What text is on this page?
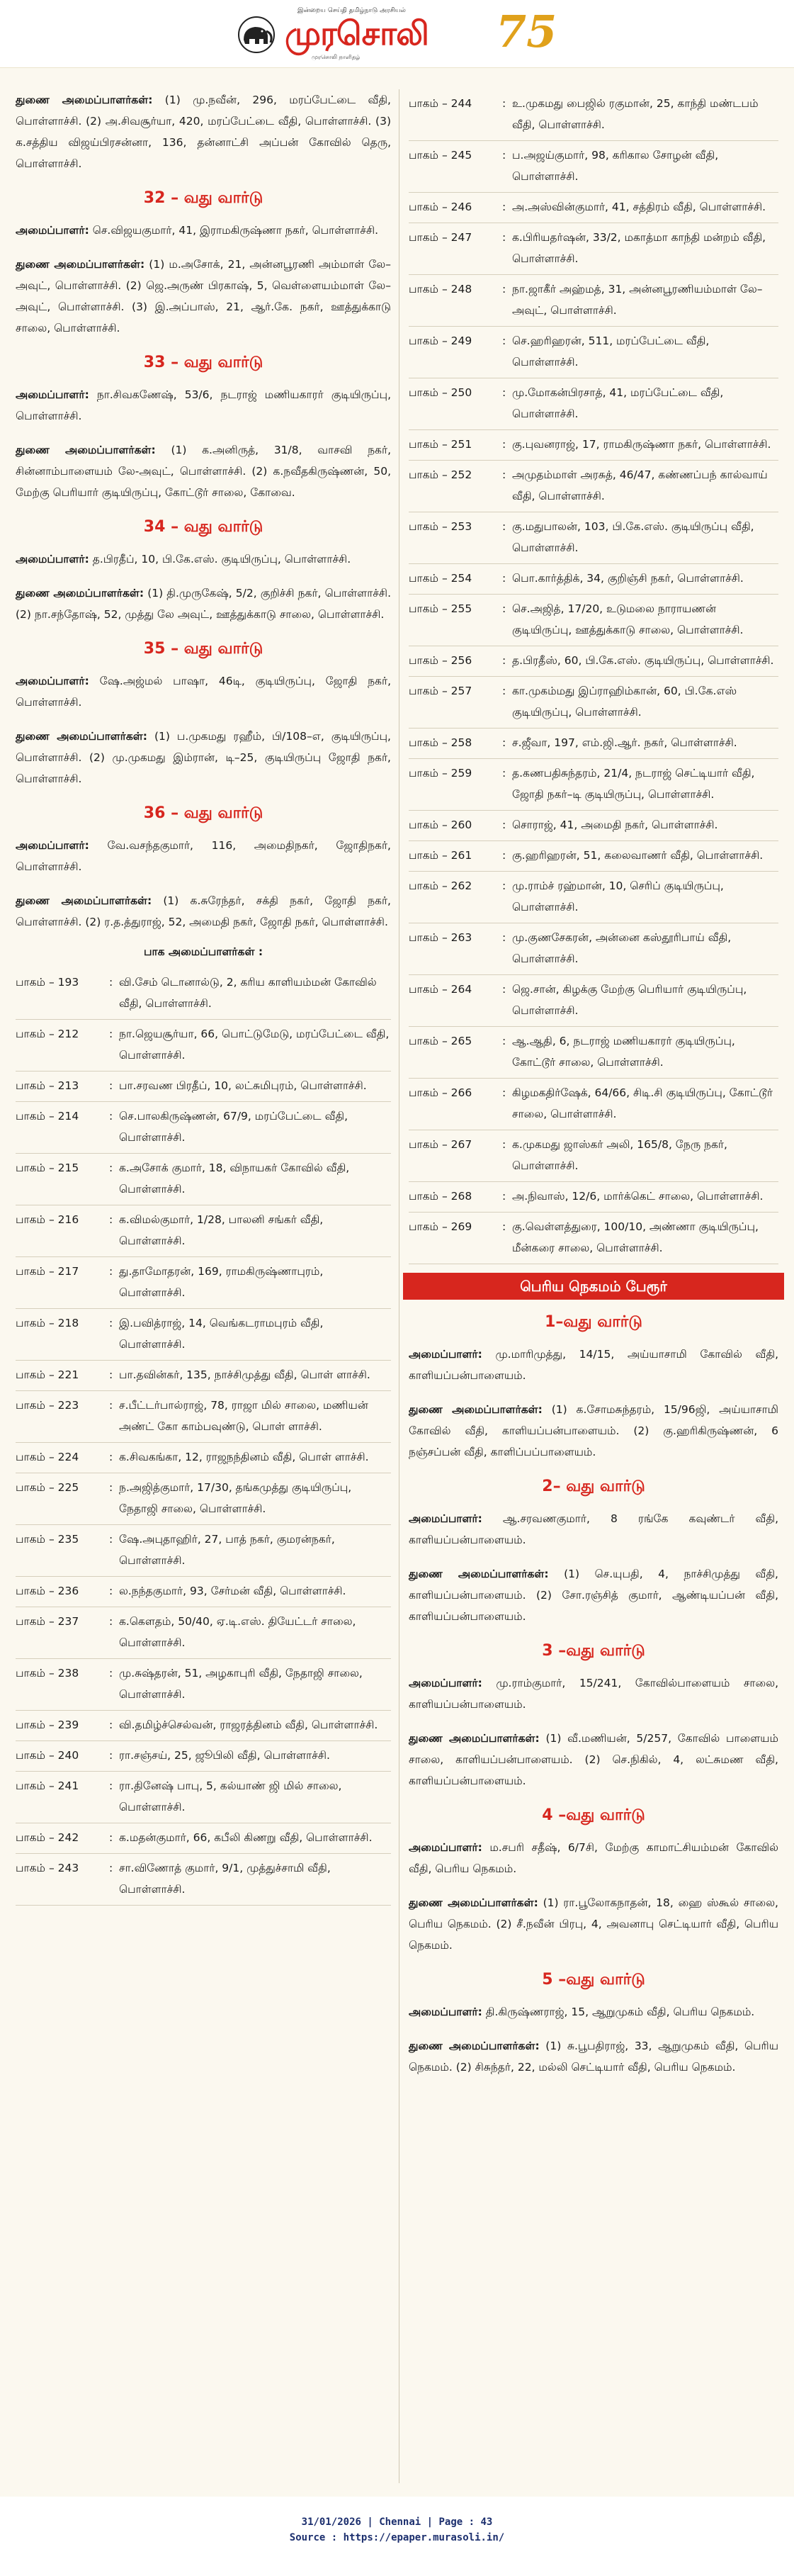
இன்றைய செய்தி தமிழ்நாடு அரசியல்
முரசொலி
முரசொலி நாளிதழ்	75

துணை அமைப்பாளர்கள்: (1) மு.நவீன், 296, மரப்பேட்டை வீதி, பொள்ளாச்சி. (2) அ.சிவசூர்யா, 420, மரப்பேட்டை வீதி, பொள்ளாச்சி. (3) க.சத்திய விஜய்பிரசன்னா, 136, தன்னாட்சி அப்பன் கோவில் தெரு, பொள்ளாச்சி.

32 – வது வார்டு

அமைப்பாளர்: செ.விஜயகுமார், 41, இராமகிருஷ்ணா நகர், பொள்ளாச்சி.

துணை அமைப்பாளர்கள்: (1) ம.அசோக், 21, அன்னபூரணி அம்மாள் லே–அவுட், பொள்ளாச்சி. (2) ஜெ.அருண் பிரகாஷ், 5, வெள்ளையம்மாள் லே–அவுட், பொள்ளாச்சி. (3) இ.அப்பாஸ், 21, ஆர்.கே. நகர், ஊத்துக்காடு சாலை, பொள்ளாச்சி.

33 – வது வார்டு

அமைப்பாளர்: நா.சிவகணேஷ், 53/6, நடராஜ் மணியகாரர் குடியிருப்பு, பொள்ளாச்சி.

துணை அமைப்பாளர்கள்: (1) க.அனிருத், 31/8, வாசவி நகர், சின்னாம்பாளையம் லே-அவுட், பொள்ளாச்சி. (2) க.நவீதகிருஷ்ணன், 50, மேற்கு பெரியார் குடியிருப்பு, கோட்டூர் சாலை, கோவை.

34 – வது வார்டு

அமைப்பாளர்: த.பிரதீப், 10, பி.கே.எஸ். குடியிருப்பு, பொள்ளாச்சி.

துணை அமைப்பாளர்கள்: (1) தி.முருகேஷ், 5/2, குறிச்சி நகர், பொள்ளாச்சி. (2) நா.சந்தோஷ், 52, முத்து லே அவுட், ஊத்துக்காடு சாலை, பொள்ளாச்சி.

35 – வது வார்டு

அமைப்பாளர்: ஷே.அஜ்மல் பாஷா, 46டி, குடியிருப்பு, ஜோதி நகர், பொள்ளாச்சி.

துணை அமைப்பாளர்கள்: (1) ப.முகமது ரஹீம், பி/108–எ, குடியிருப்பு, பொள்ளாச்சி. (2) மு.முகமது இம்ரான், டி–25, குடியிருப்பு ஜோதி நகர், பொள்ளாச்சி.

36 – வது வார்டு

அமைப்பாளர்: வே.வசந்தகுமார், 116, அமைதிநகர், ஜோதிநகர், பொள்ளாச்சி.

துணை அமைப்பாளர்கள்: (1) க.சுரேந்தர், சக்தி நகர், ஜோதி நகர், பொள்ளாச்சி. (2) ர.த.த்துராஜ், 52, அமைதி நகர், ஜோதி நகர், பொள்ளாச்சி.

பாக அமைப்பாளர்கள் :
பாகம் – 193	: வி.சேம் டொனால்டு, 2, கரிய காளியம்மன் கோவில் வீதி, பொள்ளாச்சி.
பாகம் – 212	: நா.ஜெயசூர்யா, 66, பொட்டுமேடு, மரப்பேட்டை வீதி, பொள்ளாச்சி.
பாகம் – 213	: பா.சரவண பிரதீப், 10, லட்சுமிபுரம், பொள்ளாச்சி.
பாகம் – 214	: செ.பாலகிருஷ்ணன், 67/9, மரப்பேட்டை வீதி, பொள்ளாச்சி.
பாகம் – 215	: க.அசோக் குமார், 18, விநாயகர் கோவில் வீதி, பொள்ளாச்சி.
பாகம் – 216	: க.விமல்குமார், 1/28, பாலனி சங்கர் வீதி, பொள்ளாச்சி.
பாகம் – 217	: து.தாமோதரன், 169, ராமகிருஷ்ணாபுரம், பொள்ளாச்சி.
பாகம் – 218	: இ.பவித்ராஜ், 14, வெங்கடராமபுரம் வீதி, பொள்ளாச்சி.
பாகம் – 221	: பா.தவின்கர், 135, நாச்சிமுத்து வீதி, பொள் ளாச்சி.
பாகம் – 223	: ச.பீட்டர்பால்ராஜ், 78, ராஜா மில் சாலை, மணியன் அண்ட் கோ காம்பவுண்டு, பொள் ளாச்சி.
பாகம் – 224	: க.சிவகங்கா, 12, ராஜநந்தினம் வீதி, பொள் ளாச்சி.
பாகம் – 225	: ந.அஜித்குமார், 17/30, தங்கமுத்து குடியிருப்பு, நேதாஜி சாலை, பொள்ளாச்சி.
பாகம் – 235	: ஷே.அபுதாஹிர், 27, பாத் நகர், குமரன்நகர், பொள்ளாச்சி.
பாகம் – 236	: ல.நந்தகுமார், 93, சேர்மன் வீதி, பொள்ளாச்சி.
பாகம் – 237	: க.கௌதம், 50/40, ஏ.டி.எஸ். தியேட்டர் சாலை, பொள்ளாச்சி.
பாகம் – 238	: மு.சுஷ்தரன், 51, அழகாபுரி வீதி, நேதாஜி சாலை, பொள்ளாச்சி.
பாகம் – 239	: வி.தமிழ்ச்செல்வன், ராஜரத்தினம் வீதி, பொள்ளாச்சி.
பாகம் – 240	: ரா.சஞ்சய், 25, ஜூபிலி வீதி, பொள்ளாச்சி.
பாகம் – 241	: ரா.தினேஷ் பாபு, 5, கல்யாண் ஜி மில் சாலை, பொள்ளாச்சி.
பாகம் – 242	: க.மதன்குமார், 66, கபீலி கிணறு வீதி, பொள்ளாச்சி.
பாகம் – 243	: சா.விணோத் குமார், 9/1, முத்துச்சாமி வீதி, பொள்ளாச்சி.
பாகம் – 244	: உ.முகமது பைஜில் ரகுமான், 25, காந்தி மண்டபம் வீதி, பொள்ளாச்சி.
பாகம் – 245	: ப.அஜய்குமார், 98, கரிகால சோழன் வீதி, பொள்ளாச்சி.
பாகம் – 246	: அ.அஸ்வின்குமார், 41, சத்திரம் வீதி, பொள்ளாச்சி.
பாகம் – 247	: க.பிரியதர்ஷன், 33/2, மகாத்மா காந்தி மன்றம் வீதி, பொள்ளாச்சி.
பாகம் – 248	: நா.ஜாகீர் அஹ்மத், 31, அன்னபூரணியம்மாள் லே–அவுட், பொள்ளாச்சி.
பாகம் – 249	: செ.ஹரிஹரன், 511, மரப்பேட்டை வீதி, பொள்ளாச்சி.
பாகம் – 250	: மு.மோகன்பிரசாத், 41, மரப்பேட்டை வீதி, பொள்ளாச்சி.
பாகம் – 251	: கு.புவனராஜ், 17, ராமகிருஷ்ணா நகர், பொள்ளாச்சி.
பாகம் – 252	: அமுதம்மாள் அரசுத், 46/47, கண்ணப்பந் கால்வாய் வீதி, பொள்ளாச்சி.
பாகம் – 253	: கு.மதுபாலன், 103, பி.கே.எஸ். குடியிருப்பு வீதி, பொள்ளாச்சி.
பாகம் – 254	: பொ.கார்த்திக், 34, குறிஞ்சி நகர், பொள்ளாச்சி.
பாகம் – 255	: செ.அஜித், 17/20, உடுமலை நாராயணன் குடியிருப்பு, ஊத்துக்காடு சாலை, பொள்ளாச்சி.
பாகம் – 256	: த.பிரதீஸ், 60, பி.கே.எஸ். குடியிருப்பு, பொள்ளாச்சி.
பாகம் – 257	: கா.முகம்மது இப்ராஹிம்கான், 60, பி.கே.எஸ் குடியிருப்பு, பொள்ளாச்சி.
பாகம் – 258	: ச.ஜீவா, 197, எம்.ஜி.ஆர். நகர், பொள்ளாச்சி.
பாகம் – 259	: த.கணபதிசுந்தரம், 21/4, நடராஜ் செட்டியார் வீதி, ஜோதி நகர்–டி குடியிருப்பு, பொள்ளாச்சி.
பாகம் – 260	: சொராஜ், 41, அமைதி நகர், பொள்ளாச்சி.
பாகம் – 261	: கு.ஹரிஹரன், 51, கலைவாணர் வீதி, பொள்ளாச்சி.
பாகம் – 262	: மு.ராம்ச் ரஹ்மான், 10, செரிப் குடியிருப்பு, பொள்ளாச்சி.
பாகம் – 263	: மு.குணசேகரன், அன்னை கஸ்தூரிபாய் வீதி, பொள்ளாச்சி.
பாகம் – 264	: ஜெ.சான், கிழக்கு மேற்கு பெரியார் குடியிருப்பு, பொள்ளாச்சி.
பாகம் – 265	: ஆ.ஆதி, 6, நடராஜ் மணியகாரர் குடியிருப்பு, கோட்டூர் சாலை, பொள்ளாச்சி.
பாகம் – 266	: கிழமகதிர்ஷேக், 64/66, சிடி.சி குடியிருப்பு, கோட்டூர் சாலை, பொள்ளாச்சி.
பாகம் – 267	: க.முகமது ஜாஸ்கர் அலி, 165/8, நேரு நகர், பொள்ளாச்சி.
பாகம் – 268	: அ.நிவாஸ், 12/6, மார்க்கெட் சாலை, பொள்ளாச்சி.
பாகம் – 269	: கு.வெள்ளத்துரை, 100/10, அண்ணா குடியிருப்பு, மீன்கரை சாலை, பொள்ளாச்சி.
பெரிய நெகமம் பேரூர்
1–வது வார்டு

அமைப்பாளர்: மு.மாரிமுத்து, 14/15, அய்யாசாமி கோவில் வீதி, காளியப்பன்பாளையம்.

துணை அமைப்பாளர்கள்: (1) க.சோமசுந்தரம், 15/96ஜி, அய்யாசாமி கோவில் வீதி, காளியப்பன்பாளையம். (2) கு.ஹரிகிருஷ்ணன், 6 நஞ்சப்பன் வீதி, காளிப்பப்பாளையம்.

2– வது வார்டு

அமைப்பாளர்: ஆ.சரவணகுமார், 8 ரங்கே கவுண்டர் வீதி, காளியப்பன்பாளையம்.

துணை அமைப்பாளர்கள்: (1) செ.யுபதி, 4, நாச்சிமுத்து வீதி, காளியப்பன்பாளையம். (2) சோ.ரஞ்சித் குமார், ஆண்டியப்பன் வீதி, காளியப்பன்பாளையம்.

3 –வது வார்டு

அமைப்பாளர்: மு.ராம்குமார், 15/241, கோவில்பாளையம் சாலை, காளியப்பன்பாளையம்.

துணை அமைப்பாளர்கள்: (1) வீ.மணியன், 5/257, கோவில் பாளையம் சாலை, காளியப்பன்பாளையம். (2) செ.நிகில், 4, லட்சுமண வீதி, காளியப்பன்பாளையம்.

4 –வது வார்டு

அமைப்பாளர்: ம.சபரி சதீஷ், 6/7சி, மேற்கு காமாட்சியம்மன் கோவில் வீதி, பெரிய நெகமம்.

துணை அமைப்பாளர்கள்: (1) ரா.பூலோகநாதன், 18, ஹை ஸ்கூல் சாலை, பெரிய நெகமம். (2) சீ.நவீன் பிரபு, 4, அவனாபு செட்டியார் வீதி, பெரிய நெகமம்.

5 –வது வார்டு

அமைப்பாளர்: தி.கிருஷ்ணராஜ், 15, ஆறுமுகம் வீதி, பெரிய நெகமம்.

துணை அமைப்பாளர்கள்: (1) சு.பூபதிராஜ், 33, ஆறுமுகம் வீதி, பெரிய நெகமம். (2) சிசுந்தர், 22, மல்லி செட்டியார் வீதி, பெரிய நெகமம்.

31/01/2026 | Chennai | Page : 43
Source : https://epaper.murasoli.in/
